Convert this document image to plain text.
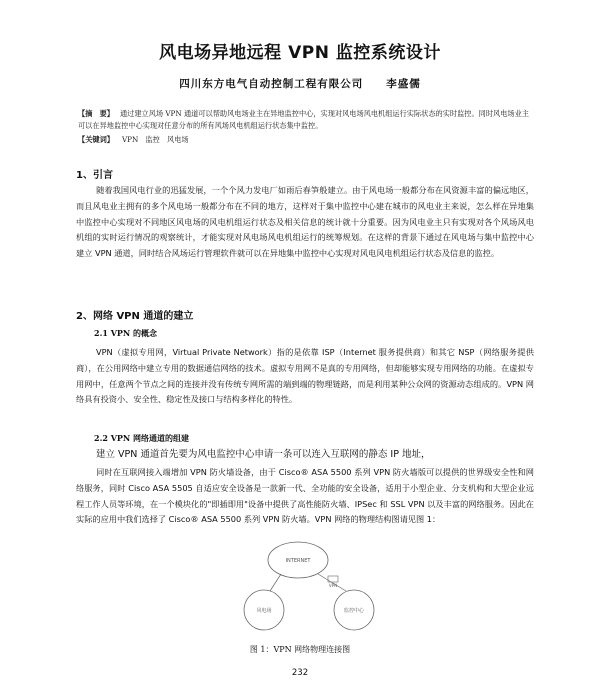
风电场异地远程 VPN 监控系统设计
四川东方电气自动控制工程有限公司　　李盛儒
【摘　要】 通过建立风场 VPN 通道可以帮助风电场业主在异地监控中心，实现对风电场风电机组运行实际状态的实时监控。同时风电场业主可以在异地监控中心实现对任意分布的所有风场风电机组运行状态集中监控。
【关键词】 VPN　监控　风电场
1、引言
随着我国风电行业的迅猛发展，一个个风力发电厂如雨后春笋般建立。由于风电场一般都分布在风资源丰富的偏远地区，而且风电业主拥有的多个风电场一般都分布在不同的地方，这样对于集中监控中心建在城市的风电业主来说，怎么样在异地集中监控中心实现对不同地区风电场的风电机组运行状态及相关信息的统计就十分重要。因为风电业主只有实现对各个风场风电机组的实时运行情况的观察统计，才能实现对风电场风电机组运行的统筹规划。在这样的背景下通过在风电场与集中监控中心建立 VPN 通道，同时结合风场运行管理软件就可以在异地集中监控中心实现对风电风电机组运行状态及信息的监控。
2、网络 VPN 通道的建立
2.1 VPN 的概念
VPN（虚拟专用网，Virtual Private Network）指的是依靠 ISP（Internet 服务提供商）和其它 NSP（网络服务提供商），在公用网络中建立专用的数据通信网络的技术。虚拟专用网不是真的专用网络，但却能够实现专用网络的功能。在虚拟专用网中，任意两个节点之间的连接并没有传统专网所需的端到端的物理链路，而是利用某种公众网的资源动态组成的。VPN 网络具有投资小、安全性、稳定性及接口与结构多样化的特性。
2.2 VPN 网络通道的组建
建立 VPN 通道首先要为风电监控中心申请一条可以连入互联网的静态 IP 地址，
同时在互联网接入端增加 VPN 防火墙设备，由于 Cisco® ASA 5500 系列 VPN 防火墙版可以提供的世界级安全性和网络服务，同时 Cisco ASA 5505 自适应安全设备是一款新一代、全功能的安全设备，适用于小型企业、分支机构和大型企业远程工作人员等环境，在一个模块化的"即插即用"设备中提供了高性能防火墙、IPSec 和 SSL VPN 以及丰富的网络服务。因此在实际的应用中我们选择了 Cisco® ASA 5500 系列 VPN 防火墙。VPN 网络的物理结构图请见图 1：
INTERNET
风电场	监控中心
VPN
图 1：VPN 网络物理连接图
232
